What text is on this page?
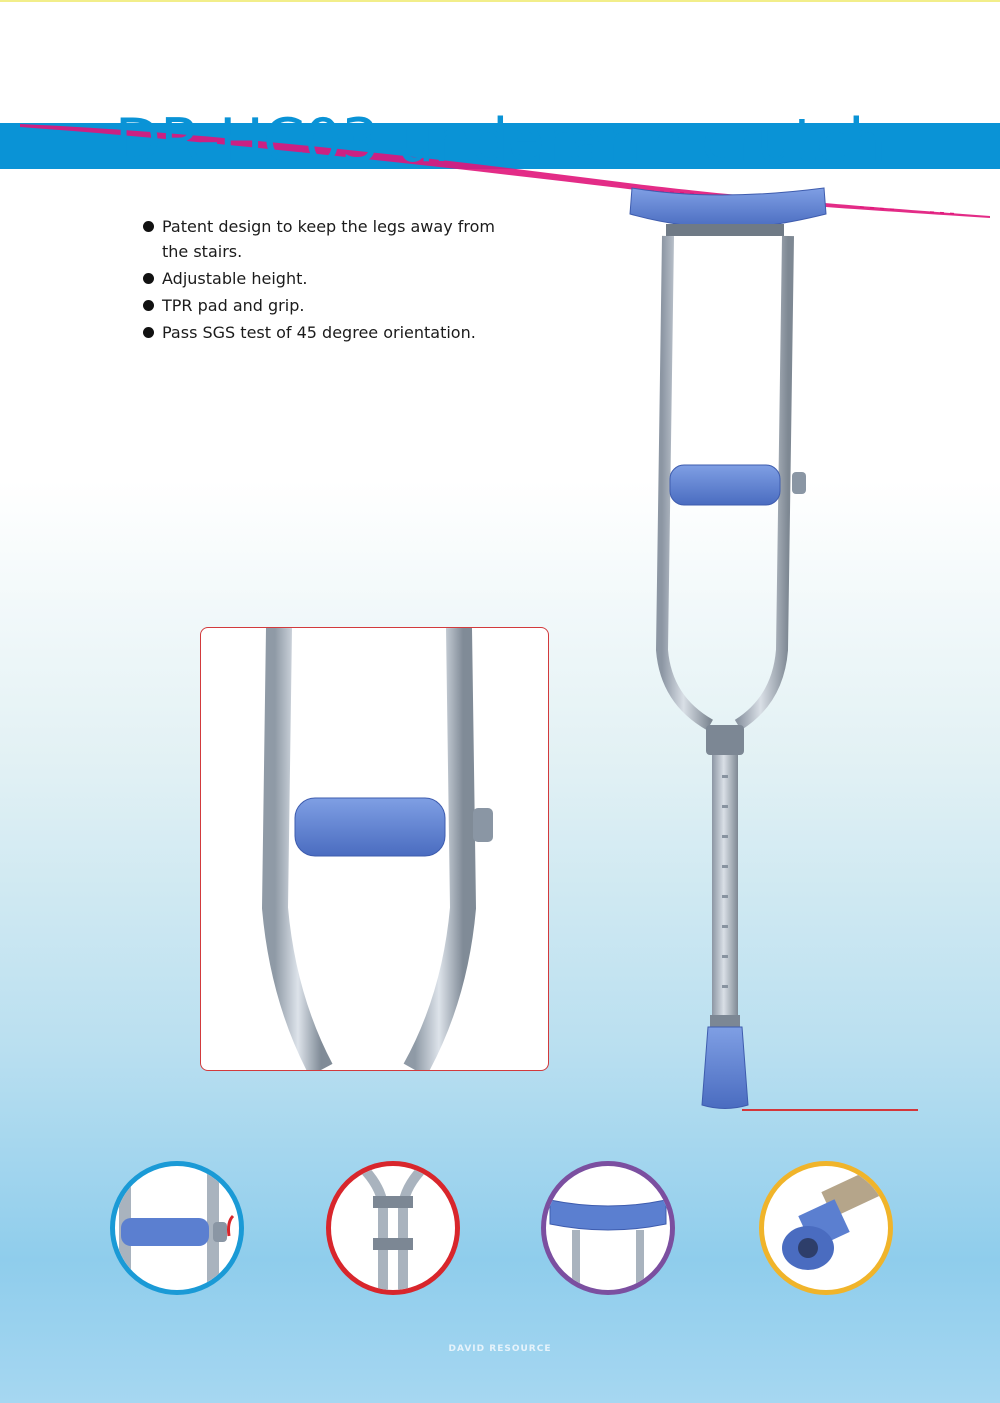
DR-HC03 underarm crutch
Patent design to keep the legs away from the stairs.
Adjustable height.
TPR pad and grip.
Pass SGS test of 45 degree orientation.
DAVID RESOURCE
